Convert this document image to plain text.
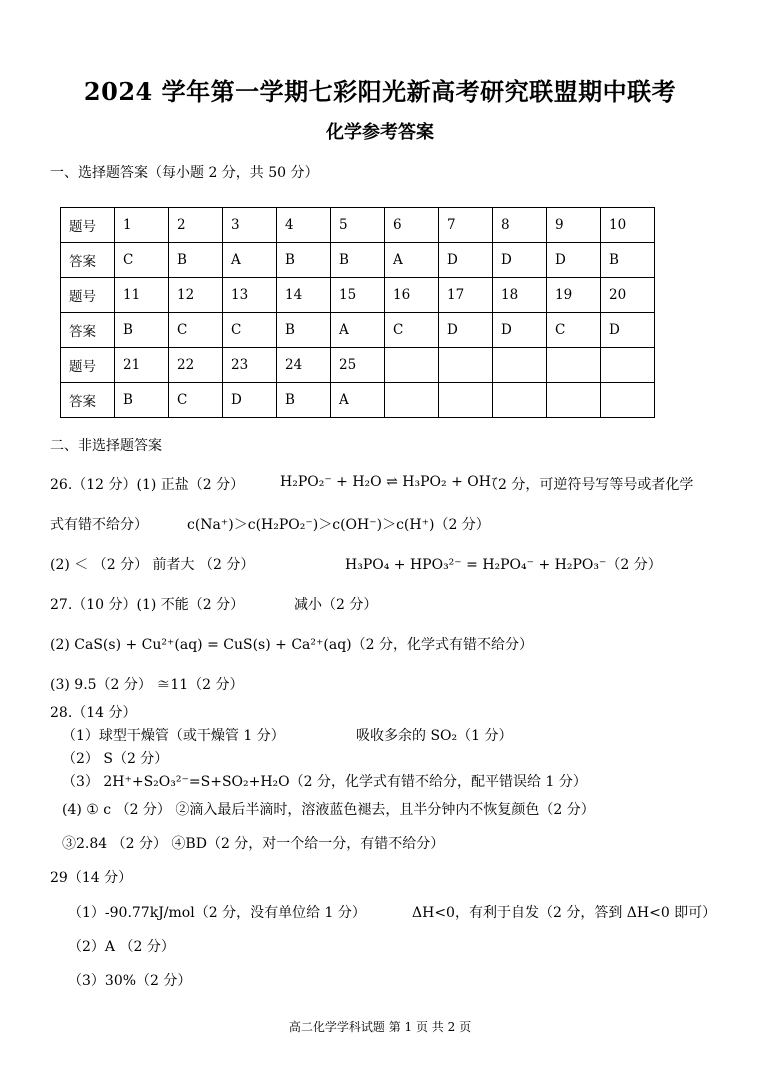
2024 学年第一学期七彩阳光新高考研究联盟期中联考
化学参考答案
一、选择题答案（每小题 2 分，共 50 分）
题号	1	2	3	4	5	6	7	8	9	10
答案	C	B	A	B	B	A	D	D	D	B
题号	11	12	13	14	15	16	17	18	19	20
答案	B	C	C	B	A	C	D	D	C	D
题号	21	22	23	24	25					
答案	B	C	D	B	A					
二、非选择题答案
26.（12 分）(1) 正盐（2 分）	H₂PO₂⁻ + H₂O ⇌ H₃PO₂ + OH⁻
（2 分，可逆符号写等号或者化学
式有错不给分）	c(Na⁺)＞c(H₂PO₂⁻)＞c(OH⁻)＞c(H⁺)（2 分）
(2) ＜ （2 分） 前者大 （2 分）	H₃PO₄ + HPO₃²⁻ = H₂PO₄⁻ + H₂PO₃⁻（2 分）
27.（10 分）(1) 不能（2 分）	减小（2 分）
(2) CaS(s) + Cu²⁺(aq) = CuS(s) + Ca²⁺(aq)（2 分，化学式有错不给分）
(3) 9.5（2 分） ≅11（2 分）
28.（14 分）
（1）球型干燥管（或干燥管 1 分）	吸收多余的 SO₂（1 分）
（2） S（2 分）
（3） 2H⁺+S₂O₃²⁻=S+SO₂+H₂O（2 分，化学式有错不给分，配平错误给 1 分）
(4) ① c （2 分） ②滴入最后半滴时，溶液蓝色褪去，且半分钟内不恢复颜色（2 分）
③2.84 （2 分） ④BD（2 分，对一个给一分，有错不给分）
29（14 分）
（1）-90.77kJ/mol（2 分，没有单位给 1 分）	ΔH<0，有利于自发（2 分，答到 ΔH<0 即可）
（2）A （2 分）
（3）30%（2 分）
高二化学学科试题 第 1 页 共 2 页
